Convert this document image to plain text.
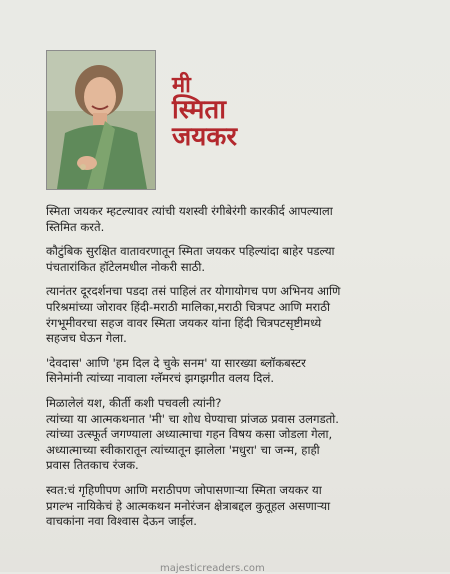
मी
स्मिता
जयकर

स्मिता जयकर म्हटल्यावर त्यांची यशस्वी रंगीबेरंगी कारकीर्द आपल्याला
स्तिमित करते.

कौटुंबिक सुरक्षित वातावरणातून स्मिता जयकर पहिल्यांदा बाहेर पडल्या
पंचतारांकित हॉटेलमधील नोकरी साठी.

त्यानंतर दूरदर्शनचा पडदा तसं पाहिलं तर योगायोगच पण अभिनय आणि
परिश्रमांच्या जोरावर हिंदी-मराठी मालिका,मराठी चित्रपट आणि मराठी
रंगभूमीवरचा सहज वावर स्मिता जयकर यांना हिंदी चित्रपटसृष्टीमध्ये
सहजच घेऊन गेला.

'देवदास' आणि 'हम दिल दे चुके सनम' या सारख्या ब्लॉकबस्टर
सिनेमांनी त्यांच्या नावाला ग्लॅमरचं झगझगीत वलय दिलं.

मिळालेलं यश, कीर्ती कशी पचवली त्यांनी?
त्यांच्या या आत्मकथनात 'मी' चा शोध घेण्याचा प्रांजळ प्रवास उलगडतो.
त्यांच्या उत्स्फूर्त जगण्याला अध्यात्माचा गहन विषय कसा जोडला गेला,
अध्यात्माच्या स्वीकारातून त्यांच्यातून झालेला 'मधुरा' चा जन्म, हाही
प्रवास तितकाच रंजक.

स्वत:चं गृहिणीपण आणि मराठीपण जोपासणाऱ्या स्मिता जयकर या
प्रगल्भ नायिकेचं हे आत्मकथन मनोरंजन क्षेत्राबद्दल कुतूहल असणाऱ्या
वाचकांना नवा विश्वास देऊन जाईल.

majesticreaders.com
